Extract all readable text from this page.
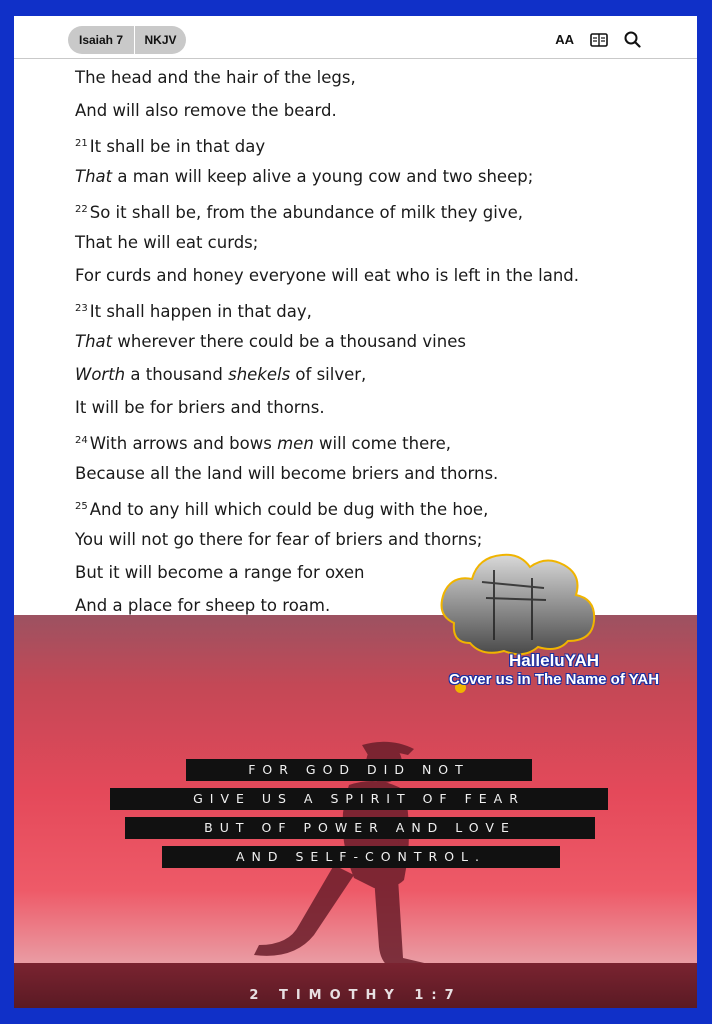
Isaiah 7	NKJV	AA
The head and the hair of the legs,
And will also remove the beard.
$^{21}$ It shall be in that day
That a man will keep alive a young cow and two sheep;
$^{22}$ So it shall be, from the abundance of milk they give,
That he will eat curds;
For curds and honey everyone will eat who is left in the land.
$^{23}$ It shall happen in that day,
That wherever there could be a thousand vines
Worth a thousand shekels of silver,
It will be for briers and thorns.
$^{24}$ With arrows and bows men will come there,
Because all the land will become briers and thorns.
$^{25}$ And to any hill which could be dug with the hoe,
You will not go there for fear of briers and thorns;
But it will become a range for oxen
And a place for sheep to roam.
FOR GOD DID NOT
GIVE US A SPIRIT OF FEAR
BUT OF POWER AND LOVE
AND SELF-CONTROL.
2 TIMOTHY 1:7
HalleluYAH
Cover us in The Name of YAH
